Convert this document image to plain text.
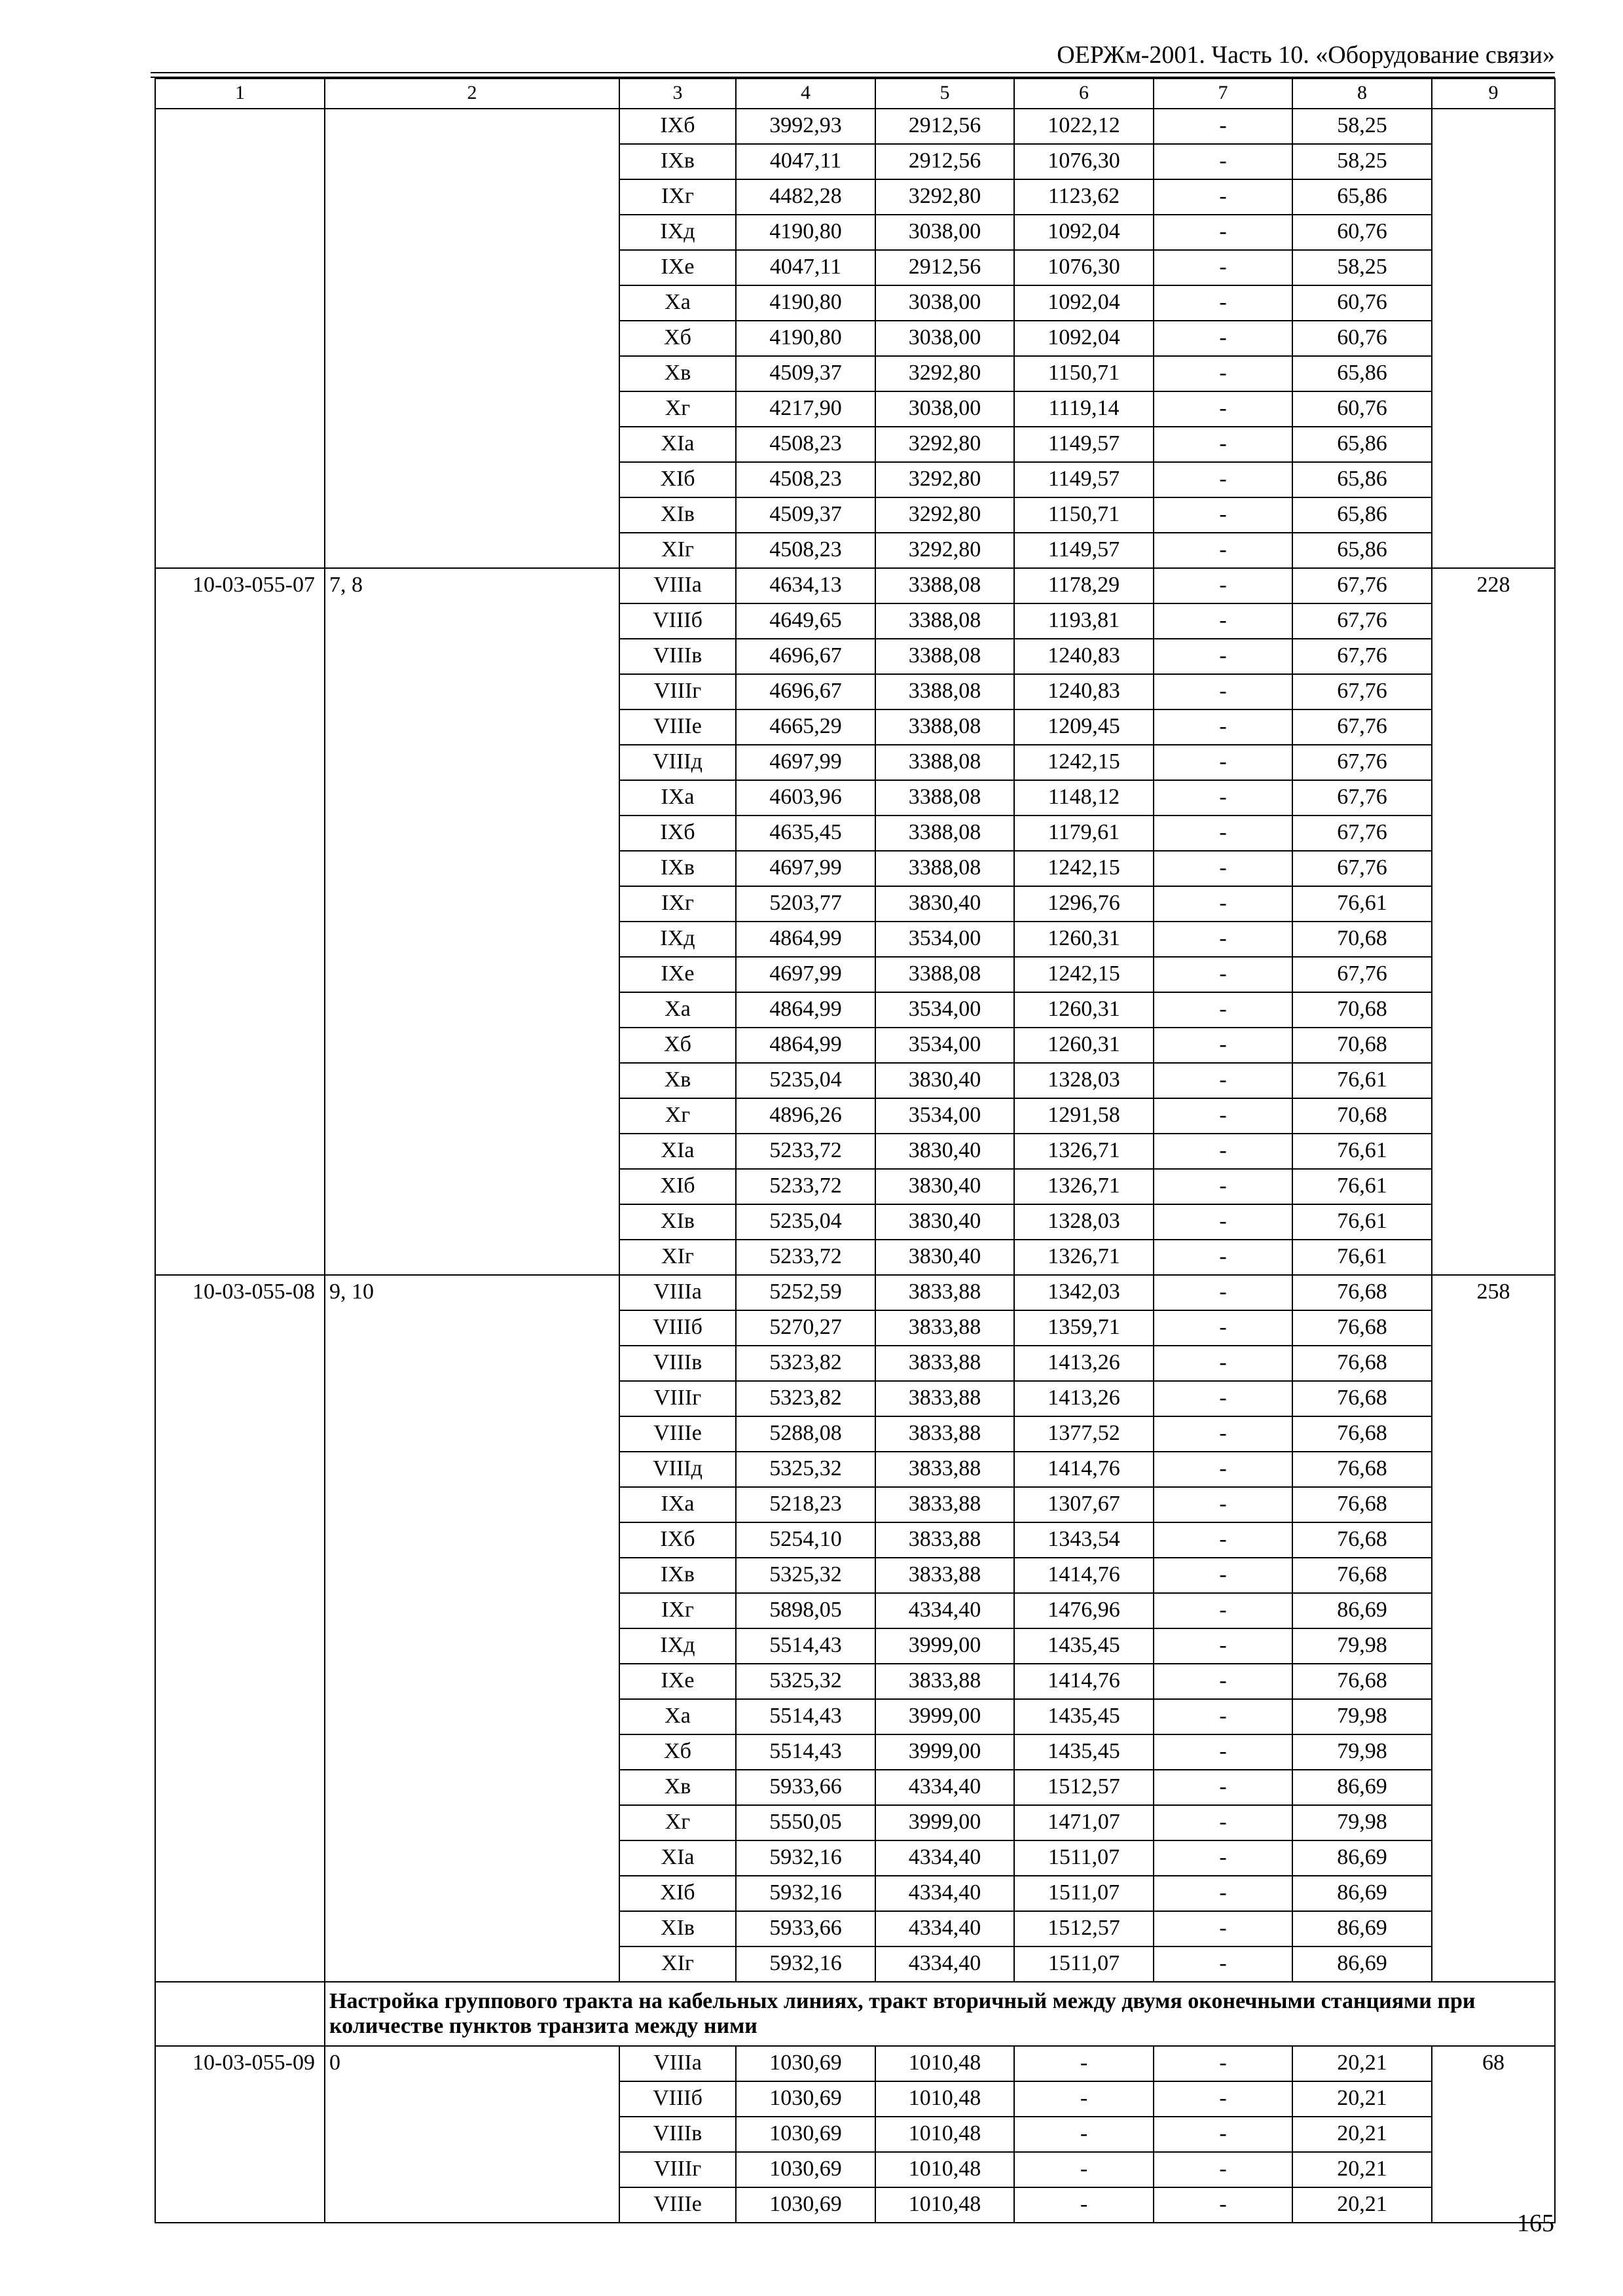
ОЕРЖм-2001. Часть 10. «Оборудование связи»
1	2	3	4	5	6	7	8	9
		IXб	3992,93	2912,56	1022,12	-	58,25	
		IXв	4047,11	2912,56	1076,30	-	58,25	
		IXг	4482,28	3292,80	1123,62	-	65,86	
		IXд	4190,80	3038,00	1092,04	-	60,76	
		IXе	4047,11	2912,56	1076,30	-	58,25	
		Xа	4190,80	3038,00	1092,04	-	60,76	
		Xб	4190,80	3038,00	1092,04	-	60,76	
		Xв	4509,37	3292,80	1150,71	-	65,86	
		Xг	4217,90	3038,00	1119,14	-	60,76	
		XIа	4508,23	3292,80	1149,57	-	65,86	
		XIб	4508,23	3292,80	1149,57	-	65,86	
		XIв	4509,37	3292,80	1150,71	-	65,86	
		XIг	4508,23	3292,80	1149,57	-	65,86	
10-03-055-07	7, 8	VIIIа	4634,13	3388,08	1178,29	-	67,76	228
		VIIIб	4649,65	3388,08	1193,81	-	67,76	
		VIIIв	4696,67	3388,08	1240,83	-	67,76	
		VIIIг	4696,67	3388,08	1240,83	-	67,76	
		VIIIе	4665,29	3388,08	1209,45	-	67,76	
		VIIIд	4697,99	3388,08	1242,15	-	67,76	
		IXа	4603,96	3388,08	1148,12	-	67,76	
		IXб	4635,45	3388,08	1179,61	-	67,76	
		IXв	4697,99	3388,08	1242,15	-	67,76	
		IXг	5203,77	3830,40	1296,76	-	76,61	
		IXд	4864,99	3534,00	1260,31	-	70,68	
		IXе	4697,99	3388,08	1242,15	-	67,76	
		Xа	4864,99	3534,00	1260,31	-	70,68	
		Xб	4864,99	3534,00	1260,31	-	70,68	
		Xв	5235,04	3830,40	1328,03	-	76,61	
		Xг	4896,26	3534,00	1291,58	-	70,68	
		XIа	5233,72	3830,40	1326,71	-	76,61	
		XIб	5233,72	3830,40	1326,71	-	76,61	
		XIв	5235,04	3830,40	1328,03	-	76,61	
		XIг	5233,72	3830,40	1326,71	-	76,61	
10-03-055-08	9, 10	VIIIа	5252,59	3833,88	1342,03	-	76,68	258
		VIIIб	5270,27	3833,88	1359,71	-	76,68	
		VIIIв	5323,82	3833,88	1413,26	-	76,68	
		VIIIг	5323,82	3833,88	1413,26	-	76,68	
		VIIIе	5288,08	3833,88	1377,52	-	76,68	
		VIIIд	5325,32	3833,88	1414,76	-	76,68	
		IXа	5218,23	3833,88	1307,67	-	76,68	
		IXб	5254,10	3833,88	1343,54	-	76,68	
		IXв	5325,32	3833,88	1414,76	-	76,68	
		IXг	5898,05	4334,40	1476,96	-	86,69	
		IXд	5514,43	3999,00	1435,45	-	79,98	
		IXе	5325,32	3833,88	1414,76	-	76,68	
		Xа	5514,43	3999,00	1435,45	-	79,98	
		Xб	5514,43	3999,00	1435,45	-	79,98	
		Xв	5933,66	4334,40	1512,57	-	86,69	
		Xг	5550,05	3999,00	1471,07	-	79,98	
		XIа	5932,16	4334,40	1511,07	-	86,69	
		XIб	5932,16	4334,40	1511,07	-	86,69	
		XIв	5933,66	4334,40	1512,57	-	86,69	
		XIг	5932,16	4334,40	1511,07	-	86,69	
	Настройка группового тракта на кабельных линиях, тракт вторичный между двумя оконечными станциями при количестве пунктов транзита между ними							
10-03-055-09	0	VIIIа	1030,69	1010,48	-	-	20,21	68
		VIIIб	1030,69	1010,48	-	-	20,21	
		VIIIв	1030,69	1010,48	-	-	20,21	
		VIIIг	1030,69	1010,48	-	-	20,21	
		VIIIе	1030,69	1010,48	-	-	20,21	
165
